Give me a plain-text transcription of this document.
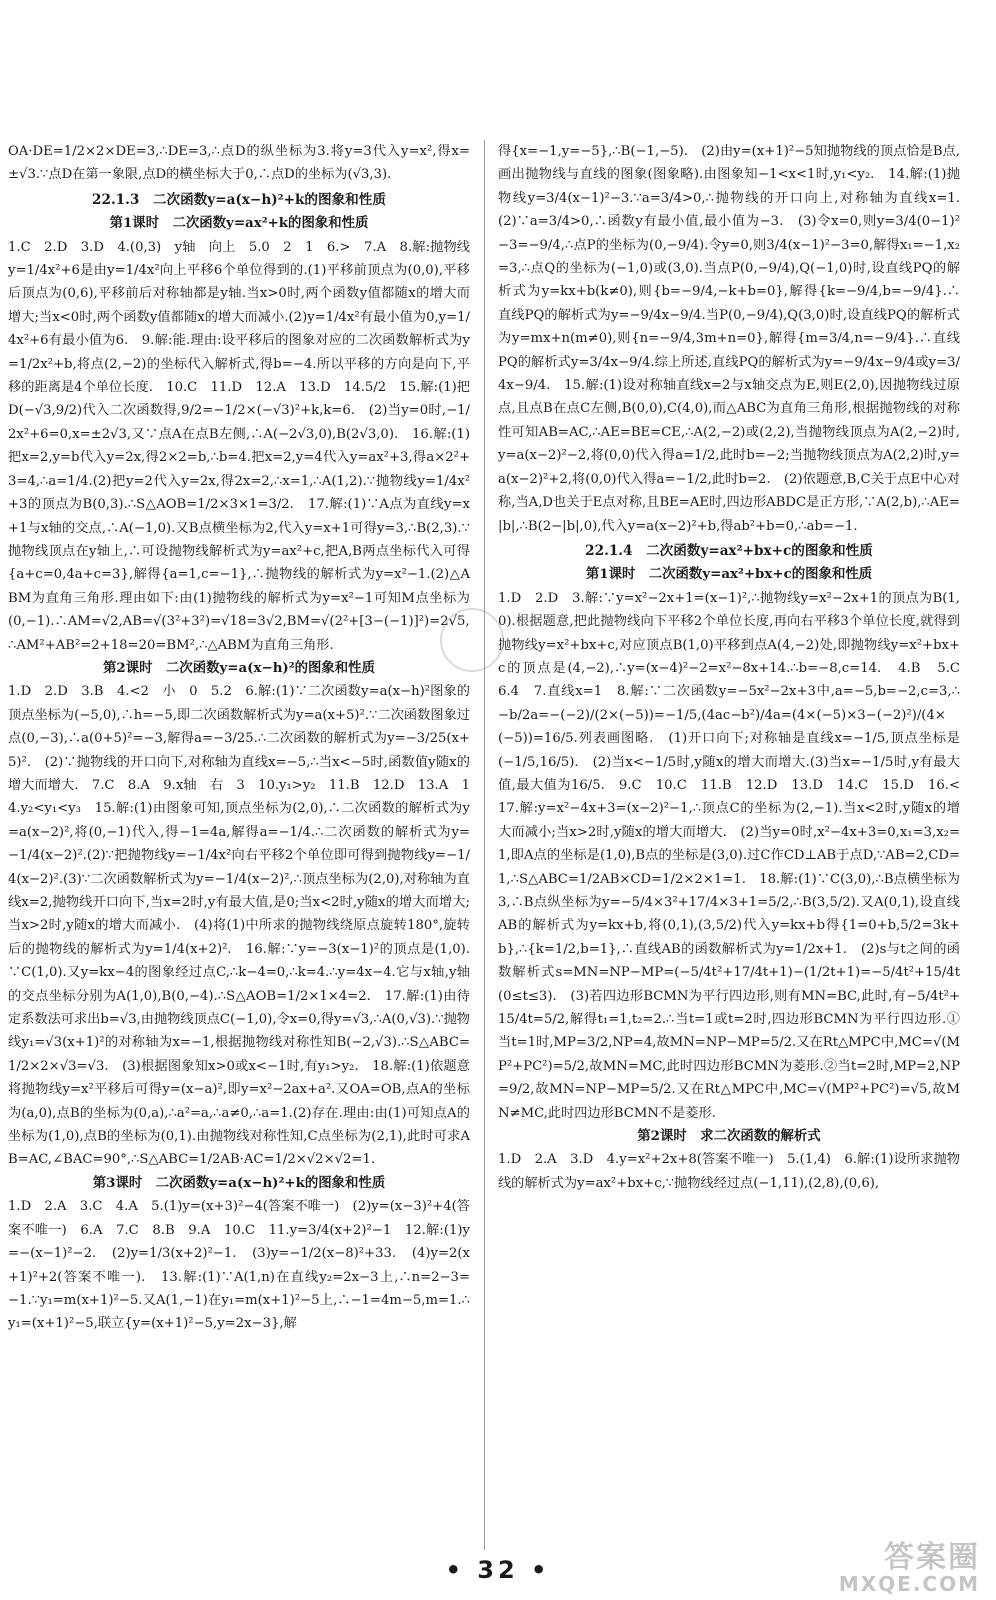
OA·DE=1/2×2×DE=3,∴DE=3,∴点D的纵坐标为3.将y=3代入y=x²,得x=±√3.∵点D在第一象限,点D的横坐标大于0,∴点D的坐标为(√3,3).

22.1.3　二次函数y=a(x−h)²+k的图象和性质

第1课时　二次函数y=ax²+k的图象和性质

1.C　2.D　3.D　4.(0,3)　y轴　向上　5.0　2　1　6.>　7.A　8.解:抛物线y=1/4x²+6是由y=1/4x²向上平移6个单位得到的.(1)平移前顶点为(0,0),平移后顶点为(0,6),平移前后对称轴都是y轴.当x>0时,两个函数y值都随x的增大而增大;当x<0时,两个函数y值都随x的增大而减小.(2)y=1/4x²有最小值为0,y=1/4x²+6有最小值为6.　9.解:能.理由:设平移后的图象对应的二次函数解析式为y=1/2x²+b,将点(2,−2)的坐标代入解析式,得b=−4.所以平移的方向是向下,平移的距离是4个单位长度.　10.C　11.D　12.A　13.D　14.5/2　15.解:(1)把D(−√3,9/2)代入二次函数得,9/2=−1/2×(−√3)²+k,k=6.　(2)当y=0时,−1/2x²+6=0,x=±2√3,又∵点A在点B左侧,∴A(−2√3,0),B(2√3,0).　16.解:(1)把x=2,y=b代入y=2x,得2×2=b,∴b=4.把x=2,y=4代入y=ax²+3,得a×2²+3=4,∴a=1/4.(2)把y=2代入y=2x,得2x=2,∴x=1,∴A(1,2).∵抛物线y=1/4x²+3的顶点为B(0,3).∴S△AOB=1/2×3×1=3/2.　17.解:(1)∵A点为直线y=x+1与x轴的交点,∴A(−1,0).又B点横坐标为2,代入y=x+1可得y=3,∴B(2,3).∵抛物线顶点在y轴上,∴可设抛物线解析式为y=ax²+c,把A,B两点坐标代入可得{a+c=0,4a+c=3},解得{a=1,c=−1},∴抛物线的解析式为y=x²−1.(2)△ABM为直角三角形.理由如下:由(1)抛物线的解析式为y=x²−1可知M点坐标为(0,−1).∴AM=√2,AB=√(3²+3²)=√18=3√2,BM=√(2²+[3−(−1)]²)=2√5,∴AM²+AB²=2+18=20=BM²,∴△ABM为直角三角形.

第2课时　二次函数y=a(x−h)²的图象和性质

1.D　2.D　3.B　4.<2　小　0　5.2　6.解:(1)∵二次函数y=a(x−h)²图象的顶点坐标为(−5,0),∴h=−5,即二次函数解析式为y=a(x+5)².∵二次函数图象过点(0,−3),∴a(0+5)²=−3,解得a=−3/25.∴二次函数的解析式为y=−3/25(x+5)².　(2)∵抛物线的开口向下,对称轴为直线x=−5,∴当x<−5时,函数值y随x的增大而增大.　7.C　8.A　9.x轴　右　3　10.y₁>y₂　11.B　12.D　13.A　14.y₂<y₁<y₃　15.解:(1)由图象可知,顶点坐标为(2,0),∴二次函数的解析式为y=a(x−2)²,将(0,−1)代入,得−1=4a,解得a=−1/4.∴二次函数的解析式为y=−1/4(x−2)².(2)∵把抛物线y=−1/4x²向右平移2个单位即可得到抛物线y=−1/4(x−2)².(3)∵二次函数解析式为y=−1/4(x−2)²,∴顶点坐标为(2,0),对称轴为直线x=2,抛物线开口向下,当x=2时,y有最大值,是0;当x<2时,y随x的增大而增大;当x>2时,y随x的增大而减小.　(4)将(1)中所求的抛物线绕原点旋转180°,旋转后的抛物线的解析式为y=1/4(x+2)².　16.解:∵y=−3(x−1)²的顶点是(1,0).∵C(1,0).又y=kx−4的图象经过点C,∴k−4=0,∴k=4.∴y=4x−4.它与x轴,y轴的交点坐标分别为A(1,0),B(0,−4).∴S△AOB=1/2×1×4=2.　17.解:(1)由待定系数法可求出b=√3,由抛物线顶点C(−1,0),令x=0,得y=√3,∴A(0,√3).∵抛物线y₁=√3(x+1)²的对称轴为x=−1,根据抛物线对称性知B(−2,√3).∴S△ABC=1/2×2×√3=√3.　(3)根据图象知x>0或x<−1时,有y₁>y₂.　18.解:(1)依题意将抛物线y=x²平移后可得y=(x−a)²,即y=x²−2ax+a².又OA=OB,点A的坐标为(a,0),点B的坐标为(0,a),∴a²=a,∴a≠0,∴a=1.(2)存在.理由:由(1)可知点A的坐标为(1,0),点B的坐标为(0,1).由抛物线对称性知,C点坐标为(2,1),此时可求AB=AC,∠BAC=90°,∴S△ABC=1/2AB·AC=1/2×√2×√2=1.

第3课时　二次函数y=a(x−h)²+k的图象和性质

1.D　2.A　3.C　4.A　5.(1)y=(x+3)²−4(答案不唯一)　(2)y=(x−3)²+4(答案不唯一)　6.A　7.C　8.B　9.A　10.C　11.y=3/4(x+2)²−1　12.解:(1)y=−(x−1)²−2.　(2)y=1/3(x+2)²−1.　(3)y=−1/2(x−8)²+33.　(4)y=2(x+1)²+2(答案不唯一).　13.解:(1)∵A(1,n)在直线y₂=2x−3上,∴n=2−3=−1.∵y₁=m(x+1)²−5.又A(1,−1)在y₁=m(x+1)²−5上,∴−1=4m−5,m=1.∴y₁=(x+1)²−5,联立{y=(x+1)²−5,y=2x−3},解

得{x=−1,y=−5},∴B(−1,−5).　(2)由y=(x+1)²−5知抛物线的顶点恰是B点,画出抛物线与直线的图象(图象略).由图象知−1<x<1时,y₁<y₂.　14.解:(1)抛物线y=3/4(x−1)²−3.∵a=3/4>0,∴抛物线的开口向上,对称轴为直线x=1.　(2)∵a=3/4>0,∴函数y有最小值,最小值为−3.　(3)令x=0,则y=3/4(0−1)²−3=−9/4,∴点P的坐标为(0,−9/4).令y=0,则3/4(x−1)²−3=0,解得x₁=−1,x₂=3,∴点Q的坐标为(−1,0)或(3,0).当点P(0,−9/4),Q(−1,0)时,设直线PQ的解析式为y=kx+b(k≠0),则{b=−9/4,−k+b=0},解得{k=−9/4,b=−9/4}.∴直线PQ的解析式为y=−9/4x−9/4.当P(0,−9/4),Q(3,0)时,设直线PQ的解析式为y=mx+n(m≠0),则{n=−9/4,3m+n=0},解得{m=3/4,n=−9/4}.∴直线PQ的解析式y=3/4x−9/4.综上所述,直线PQ的解析式为y=−9/4x−9/4或y=3/4x−9/4.　15.解:(1)设对称轴直线x=2与x轴交点为E,则E(2,0),因抛物线过原点,且点B在点C左侧,B(0,0),C(4,0),而△ABC为直角三角形,根据抛物线的对称性可知AB=AC,∴AE=BE=CE,∴A(2,−2)或(2,2),当抛物线顶点为A(2,−2)时,y=a(x−2)²−2,将(0,0)代入得a=1/2,此时b=−2;当抛物线顶点为A(2,2)时,y=a(x−2)²+2,将(0,0)代入得a=−1/2,此时b=2.　(2)依题意,B,C关于点E中心对称,当A,D也关于E点对称,且BE=AE时,四边形ABDC是正方形,∵A(2,b),∴AE=|b|,∴B(2−|b|,0),代入y=a(x−2)²+b,得ab²+b=0,∴ab=−1.

22.1.4　二次函数y=ax²+bx+c的图象和性质

第1课时　二次函数y=ax²+bx+c的图象和性质

1.D　2.D　3.解:∵y=x²−2x+1=(x−1)²,∴抛物线y=x²−2x+1的顶点为B(1,0).根据题意,把此抛物线向下平移2个单位长度,再向右平移3个单位长度,就得到抛物线y=x²+bx+c,对应顶点B(1,0)平移到点A(4,−2)处,即抛物线y=x²+bx+c的顶点是(4,−2),∴y=(x−4)²−2=x²−8x+14.∴b=−8,c=14.　4.B　5.C　6.4　7.直线x=1　8.解:∵二次函数y=−5x²−2x+3中,a=−5,b=−2,c=3,∴−b/2a=−(−2)/(2×(−5))=−1/5,(4ac−b²)/4a=(4×(−5)×3−(−2)²)/(4×(−5))=16/5.列表画图略.　(1)开口向下;对称轴是直线x=−1/5,顶点坐标是(−1/5,16/5).　(2)当x<−1/5时,y随x的增大而增大.(3)当x=−1/5时,y有最大值,最大值为16/5.　9.C　10.C　11.B　12.D　13.D　14.C　15.D　16.<　17.解:y=x²−4x+3=(x−2)²−1,∴顶点C的坐标为(2,−1).当x<2时,y随x的增大而减小;当x>2时,y随x的增大而增大.　(2)当y=0时,x²−4x+3=0,x₁=3,x₂=1,即A点的坐标是(1,0),B点的坐标是(3,0).过C作CD⊥AB于点D,∵AB=2,CD=1,∴S△ABC=1/2AB×CD=1/2×2×1=1.　18.解:(1)∵C(3,0),∴B点横坐标为3,∴B点纵坐标为y=−5/4×3²+17/4×3+1=5/2,∴B(3,5/2).又A(0,1),设直线AB的解析式为y=kx+b,将(0,1),(3,5/2)代入y=kx+b得{1=0+b,5/2=3k+b},∴{k=1/2,b=1},∴直线AB的函数解析式为y=1/2x+1.　(2)s与t之间的函数解析式s=MN=NP−MP=(−5/4t²+17/4t+1)−(1/2t+1)=−5/4t²+15/4t(0≤t≤3).　(3)若四边形BCMN为平行四边形,则有MN=BC,此时,有−5/4t²+15/4t=5/2,解得t₁=1,t₂=2.∴当t=1或t=2时,四边形BCMN为平行四边形.①当t=1时,MP=3/2,NP=4,故MN=NP−MP=5/2.又在Rt△MPC中,MC=√(MP²+PC²)=5/2,故MN=MC,此时四边形BCMN为菱形.②当t=2时,MP=2,NP=9/2,故MN=NP−MP=5/2.又在Rt△MPC中,MC=√(MP²+PC²)=√5,故MN≠MC,此时四边形BCMN不是菱形.

第2课时　求二次函数的解析式

1.D　2.A　3.D　4.y=x²+2x+8(答案不唯一)　5.(1,4)　6.解:(1)设所求抛物线的解析式为y=ax²+bx+c,∵抛物线经过点(−1,11),(2,8),(0,6),

• 32 •	答案圈
MXQE.COM
